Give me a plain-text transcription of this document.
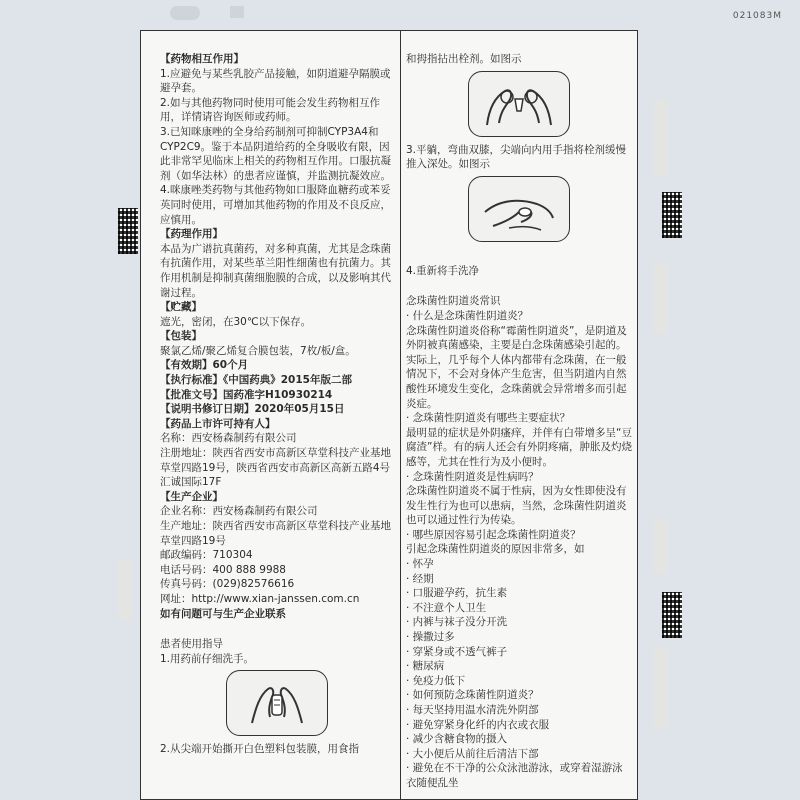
021083M

【药物相互作用】

1.应避免与某些乳胶产品接触，如阴道避孕隔膜或避孕套。

2.如与其他药物同时使用可能会发生药物相互作用，详情请咨询医师或药师。

3.已知咪康唑的全身给药制剂可抑制CYP3A4和CYP2C9。鉴于本品阴道给药的全身吸收有限，因此非常罕见临床上相关的药物相互作用。口服抗凝剂（如华法林）的患者应谨慎，并监测抗凝效应。

4.咪康唑类药物与其他药物如口服降血糖药或苯妥英同时使用，可增加其他药物的作用及不良反应，应慎用。

【药理作用】

本品为广谱抗真菌药，对多种真菌，尤其是念珠菌有抗菌作用，对某些革兰阳性细菌也有抗菌力。其作用机制是抑制真菌细胞膜的合成，以及影响其代谢过程。

【贮藏】

遮光，密闭，在30℃以下保存。

【包装】

聚氯乙烯/聚乙烯复合膜包装，7枚/板/盒。

【有效期】60个月

【执行标准】《中国药典》2015年版二部

【批准文号】国药准字H10930214

【说明书修订日期】2020年05月15日

【药品上市许可持有人】

名称：西安杨森制药有限公司

注册地址：陕西省西安市高新区草堂科技产业基地草堂四路19号，陕西省西安市高新区高新五路4号汇诚国际17F

【生产企业】

企业名称：西安杨森制药有限公司

生产地址：陕西省西安市高新区草堂科技产业基地草堂四路19号

邮政编码：710304

电话号码：400 888 9988

传真号码：(029)82576616

网址：http://www.xian-janssen.com.cn

如有问题可与生产企业联系

患者使用指导

1.用药前仔细洗手。

2.从尖端开始撕开白色塑料包装膜，用食指

和拇指拈出栓剂。如图示

3.平躺，弯曲双膝，尖端向内用手指将栓剂缓慢推入深处。如图示

4.重新将手洗净

念珠菌性阴道炎常识

· 什么是念珠菌性阴道炎？

念珠菌性阴道炎俗称“霉菌性阴道炎”，是阴道及外阴被真菌感染，主要是白念珠菌感染引起的。实际上，几乎每个人体内都带有念珠菌，在一般情况下，不会对身体产生危害，但当阴道内自然酸性环境发生变化，念珠菌就会异常增多而引起炎症。

· 念珠菌性阴道炎有哪些主要症状？

最明显的症状是外阴瘙痒，并伴有白带增多呈“豆腐渣”样。有的病人还会有外阴疼痛，肿胀及灼烧感等，尤其在性行为及小便时。

· 念珠菌性阴道炎是性病吗？

念珠菌性阴道炎不属于性病，因为女性即使没有发生性行为也可以患病，当然，念珠菌性阴道炎也可以通过性行为传染。

· 哪些原因容易引起念珠菌性阴道炎？

引起念珠菌性阴道炎的原因非常多，如

· 怀孕

· 经期

· 口服避孕药，抗生素

· 不注意个人卫生

· 内裤与袜子没分开洗

· 操撒过多

· 穿紧身或不透气裤子

· 糖尿病

· 免疫力低下

· 如何预防念珠菌性阴道炎？

· 每天坚持用温水清洗外阴部

· 避免穿紧身化纤的内衣或衣服

· 减少含糖食物的摄入

· 大小便后从前往后清洁下部

· 避免在不干净的公众泳池游泳，或穿着湿游泳衣随便乱坐
